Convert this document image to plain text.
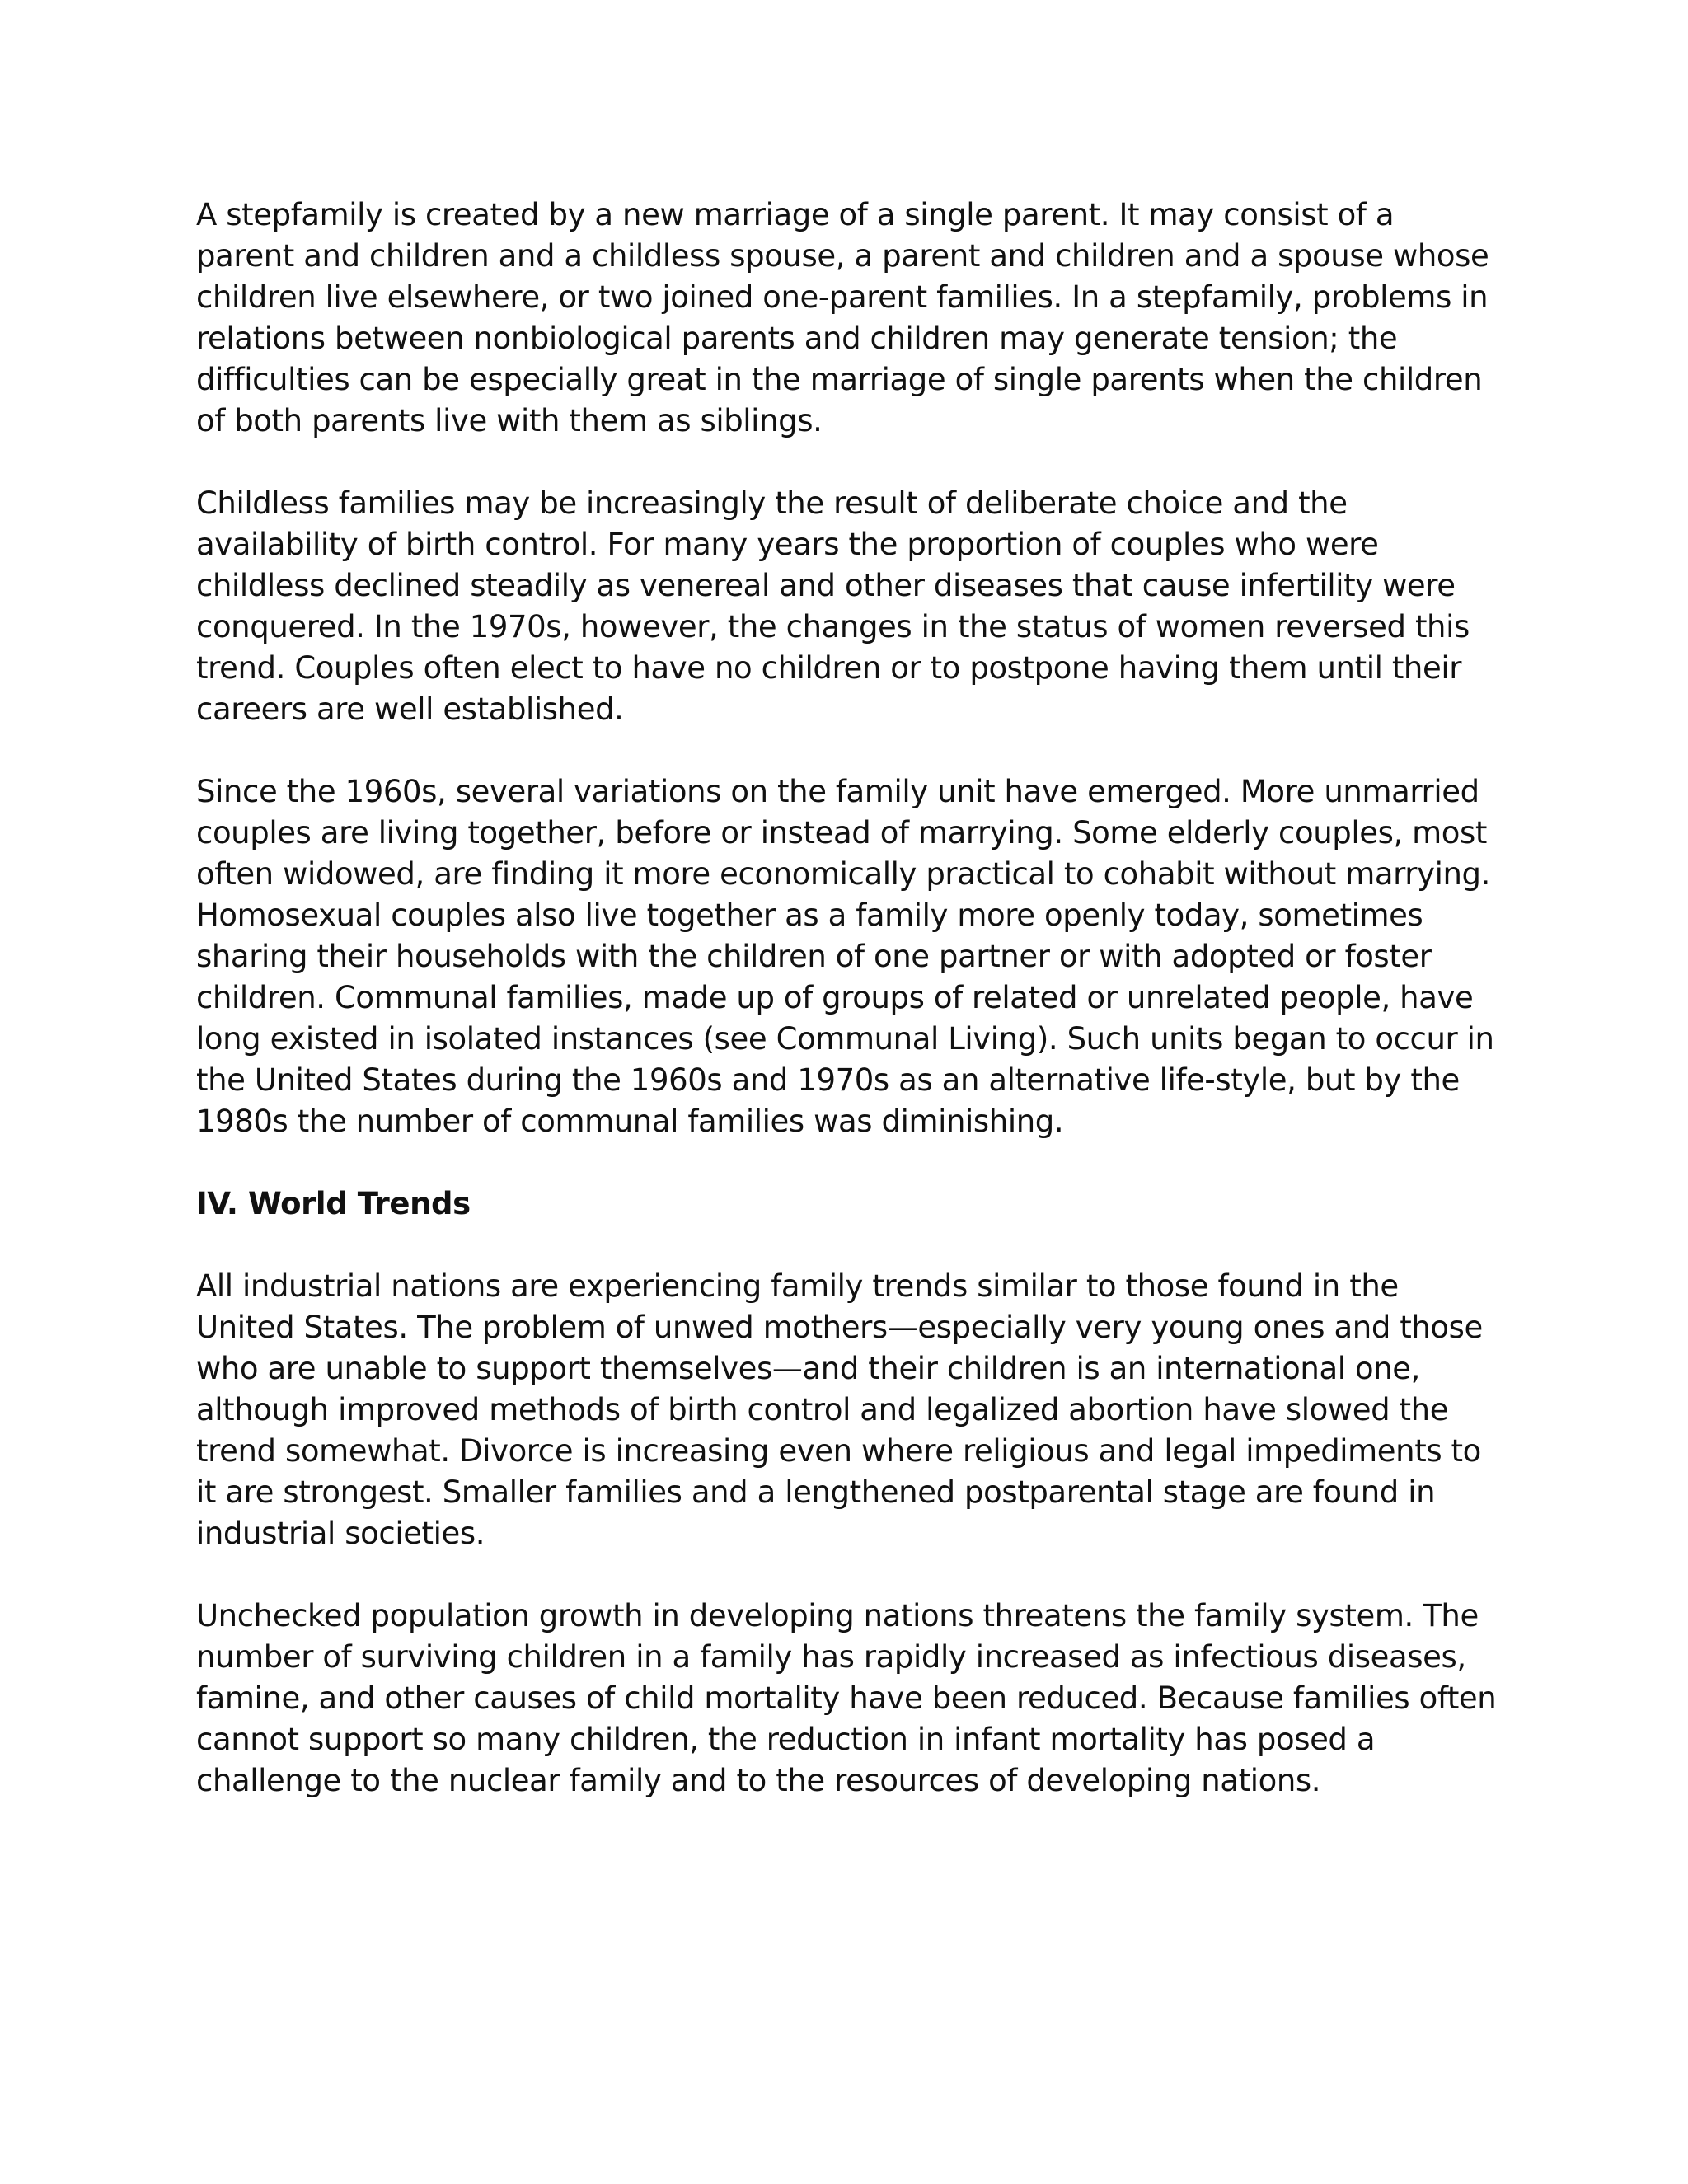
A stepfamily is created by a new marriage of a single parent. It may consist of a parent and children and a childless spouse, a parent and children and a spouse whose children live elsewhere, or two joined one-parent families. In a stepfamily, problems in relations between nonbiological parents and children may generate tension; the difficulties can be especially great in the marriage of single parents when the children of both parents live with them as siblings.

Childless families may be increasingly the result of deliberate choice and the availability of birth control. For many years the proportion of couples who were childless declined steadily as venereal and other diseases that cause infertility were conquered. In the 1970s, however, the changes in the status of women reversed this trend. Couples often elect to have no children or to postpone having them until their careers are well established.

Since the 1960s, several variations on the family unit have emerged. More unmarried couples are living together, before or instead of marrying. Some elderly couples, most often widowed, are finding it more economically practical to cohabit without marrying. Homosexual couples also live together as a family more openly today, sometimes sharing their households with the children of one partner or with adopted or foster children. Communal families, made up of groups of related or unrelated people, have long existed in isolated instances (see Communal Living). Such units began to occur in the United States during the 1960s and 1970s as an alternative life-style, but by the 1980s the number of communal families was diminishing.

IV. World Trends

All industrial nations are experiencing family trends similar to those found in the United States. The problem of unwed mothers—especially very young ones and those who are unable to support themselves—and their children is an international one, although improved methods of birth control and legalized abortion have slowed the trend somewhat. Divorce is increasing even where religious and legal impediments to it are strongest. Smaller families and a lengthened postparental stage are found in industrial societies.

Unchecked population growth in developing nations threatens the family system. The number of surviving children in a family has rapidly increased as infectious diseases, famine, and other causes of child mortality have been reduced. Because families often cannot support so many children, the reduction in infant mortality has posed a challenge to the nuclear family and to the resources of developing nations.
